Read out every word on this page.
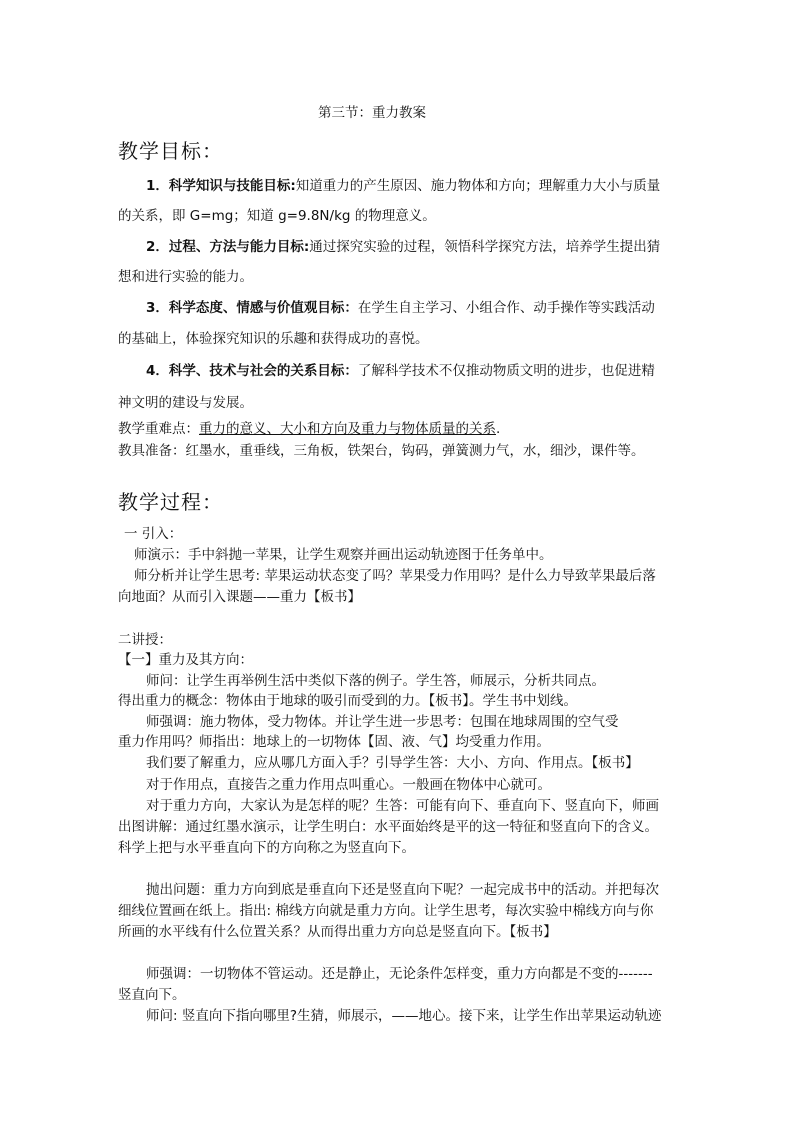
第三节：重力教案
教学目标：
1．科学知识与技能目标:知道重力的产生原因、施力物体和方向；理解重力大小与质量
的关系，即 G=mg；知道 g=9.8N/kg 的物理意义。
2．过程、方法与能力目标:通过探究实验的过程，领悟科学探究方法，培养学生提出猜
想和进行实验的能力。
3．科学态度、情感与价值观目标：在学生自主学习、小组合作、动手操作等实践活动
的基础上，体验探究知识的乐趣和获得成功的喜悦。
4．科学、技术与社会的关系目标：了解科学技术不仅推动物质文明的进步，也促进精
神文明的建设与发展。
教学重难点：重力的意义、大小和方向及重力与物体质量的关系.
教具准备：红墨水，重垂线，三角板，铁架台，钩码，弹簧测力气，水，细沙，课件等。
教学过程：
一 引入：
师演示：手中斜抛一苹果，让学生观察并画出运动轨迹图于任务单中。
师分析并让学生思考: 苹果运动状态变了吗？苹果受力作用吗？是什么力导致苹果最后落
向地面？从而引入课题——重力【板书】
二讲授：
【一】重力及其方向：
师问：让学生再举例生活中类似下落的例子。学生答，师展示，分析共同点。
得出重力的概念：物体由于地球的吸引而受到的力。【板书】。学生书中划线。
师强调：施力物体，受力物体。并让学生进一步思考：包围在地球周围的空气受
重力作用吗？师指出：地球上的一切物体【固、液、气】均受重力作用。
我们要了解重力，应从哪几方面入手？引导学生答：大小、方向、作用点。【板书】
对于作用点，直接告之重力作用点叫重心。一般画在物体中心就可。
对于重力方向，大家认为是怎样的呢？生答：可能有向下、垂直向下、竖直向下，师画
出图讲解：通过红墨水演示，让学生明白：水平面始终是平的这一特征和竖直向下的含义。
科学上把与水平垂直向下的方向称之为竖直向下。
抛出问题：重力方向到底是垂直向下还是竖直向下呢？一起完成书中的活动。并把每次
细线位置画在纸上。指出: 棉线方向就是重力方向。让学生思考，每次实验中棉线方向与你
所画的水平线有什么位置关系？从而得出重力方向总是竖直向下。【板书】
师强调：一切物体不管运动。还是静止，无论条件怎样变，重力方向都是不变的-------
竖直向下。
师问: 竖直向下指向哪里?生猜，师展示，——地心。接下来，让学生作出苹果运动轨迹
